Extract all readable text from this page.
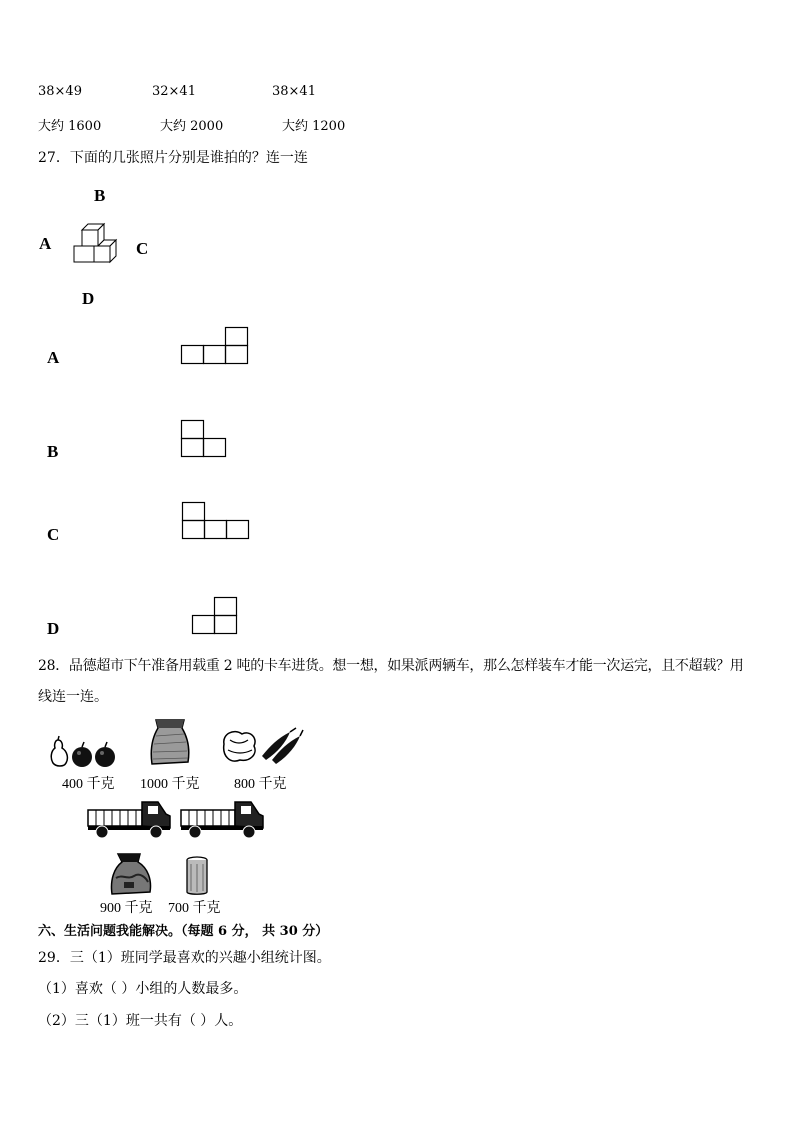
38×49	32×41	38×41
大约 1600	大约 2000	大约 1200
27．下面的几张照片分别是谁拍的？连一连
B
A	C
D
A
B
C
D
28．品德超市下午准备用载重 2 吨的卡车进货。想一想，如果派两辆车，那么怎样装车才能一次运完，且不超载？用
线连一连。
400 千克 1000 千克 800 千克
900 千克 700 千克
六、生活问题我能解决。（每题 6 分， 共 30 分）
29．三（1）班同学最喜欢的兴趣小组统计图。
（1）喜欢（ ）小组的人数最多。
（2）三（1）班一共有（ ）人。
